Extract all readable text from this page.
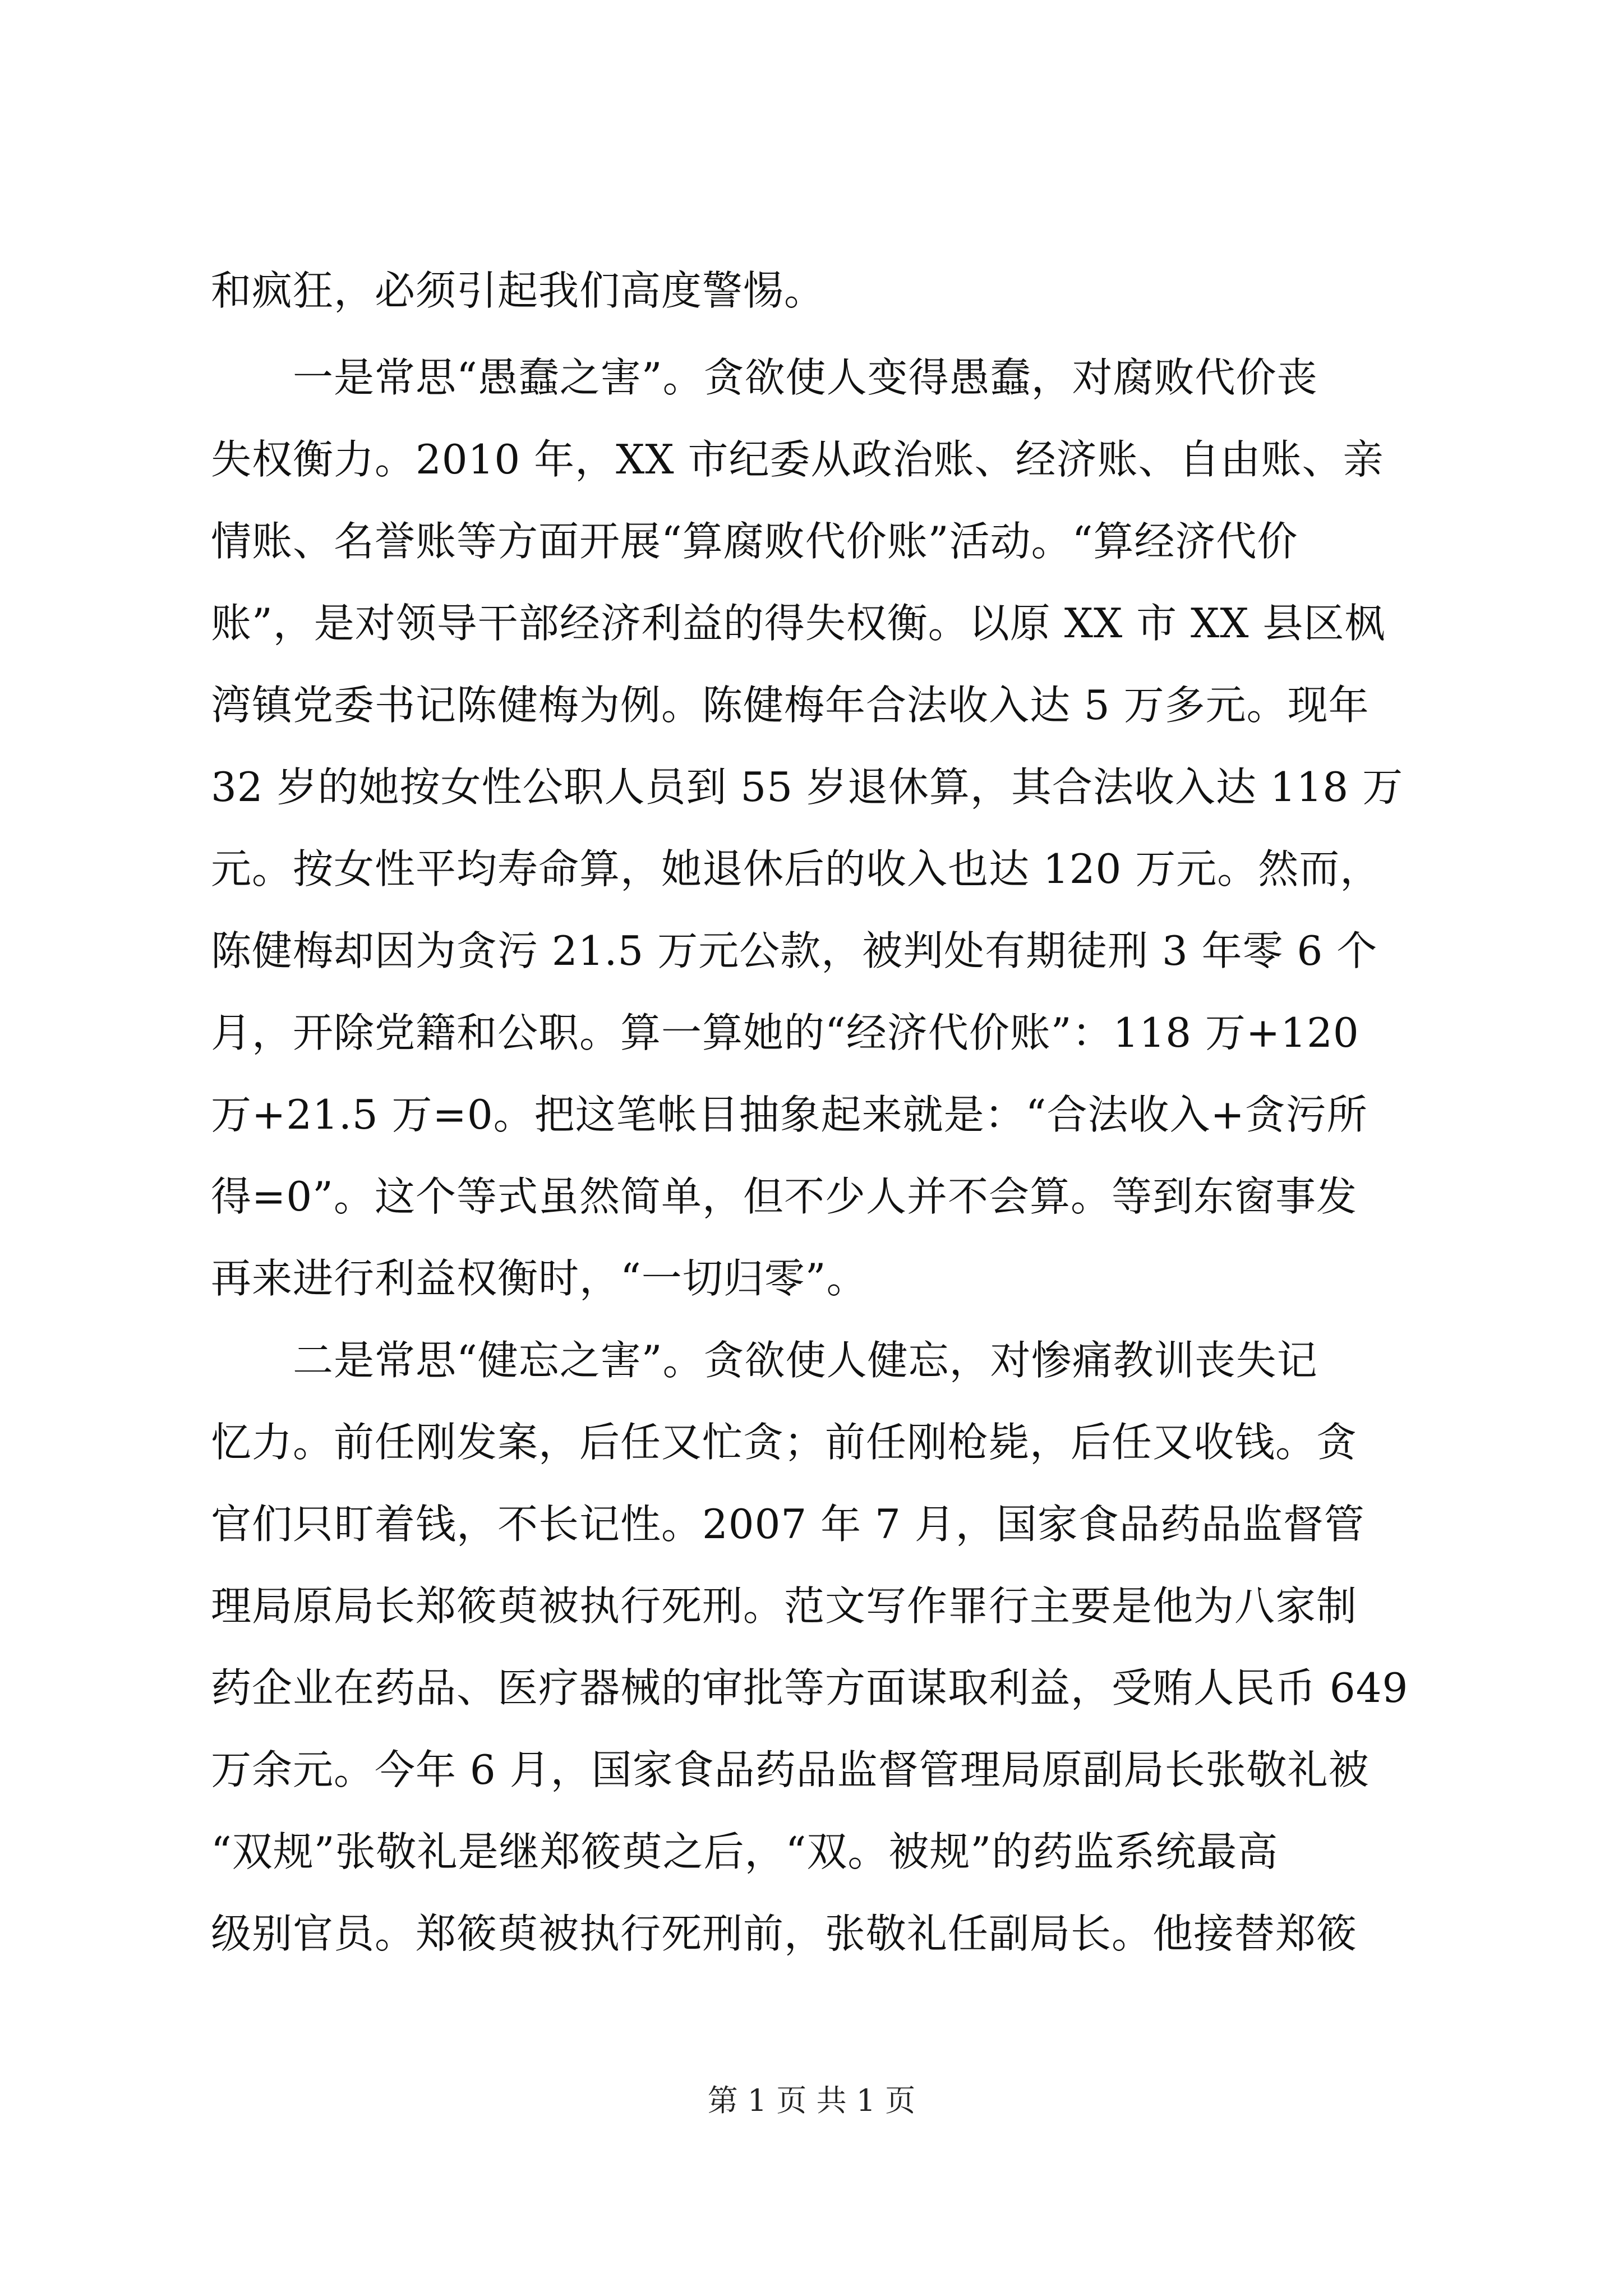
和疯狂，必须引起我们高度警惕。
　　一是常思“愚蠢之害”。贪欲使人变得愚蠢，对腐败代价丧
失权衡力。2010 年，XX 市纪委从政治账、经济账、自由账、亲
情账、名誉账等方面开展“算腐败代价账”活动。“算经济代价
账”，是对领导干部经济利益的得失权衡。以原 XX 市 XX 县区枫
湾镇党委书记陈健梅为例。陈健梅年合法收入达 5 万多元。现年
32 岁的她按女性公职人员到 55 岁退休算，其合法收入达 118 万
元。按女性平均寿命算，她退休后的收入也达 120 万元。然而，
陈健梅却因为贪污 21.5 万元公款，被判处有期徒刑 3 年零 6 个
月，开除党籍和公职。算一算她的“经济代价账”：118 万+120
万+21.5 万=0。把这笔帐目抽象起来就是：“合法收入+贪污所
得=0”。这个等式虽然简单，但不少人并不会算。等到东窗事发
再来进行利益权衡时，“一切归零”。
　　二是常思“健忘之害”。贪欲使人健忘，对惨痛教训丧失记
忆力。前任刚发案，后任又忙贪；前任刚枪毙，后任又收钱。贪
官们只盯着钱，不长记性。2007 年 7 月，国家食品药品监督管
理局原局长郑筱萸被执行死刑。范文写作罪行主要是他为八家制
药企业在药品、医疗器械的审批等方面谋取利益，受贿人民币 649
万余元。今年 6 月，国家食品药品监督管理局原副局长张敬礼被
“双规”张敬礼是继郑筱萸之后，“双。被规”的药监系统最高
级别官员。郑筱萸被执行死刑前，张敬礼任副局长。他接替郑筱
第 1 页 共 1 页
